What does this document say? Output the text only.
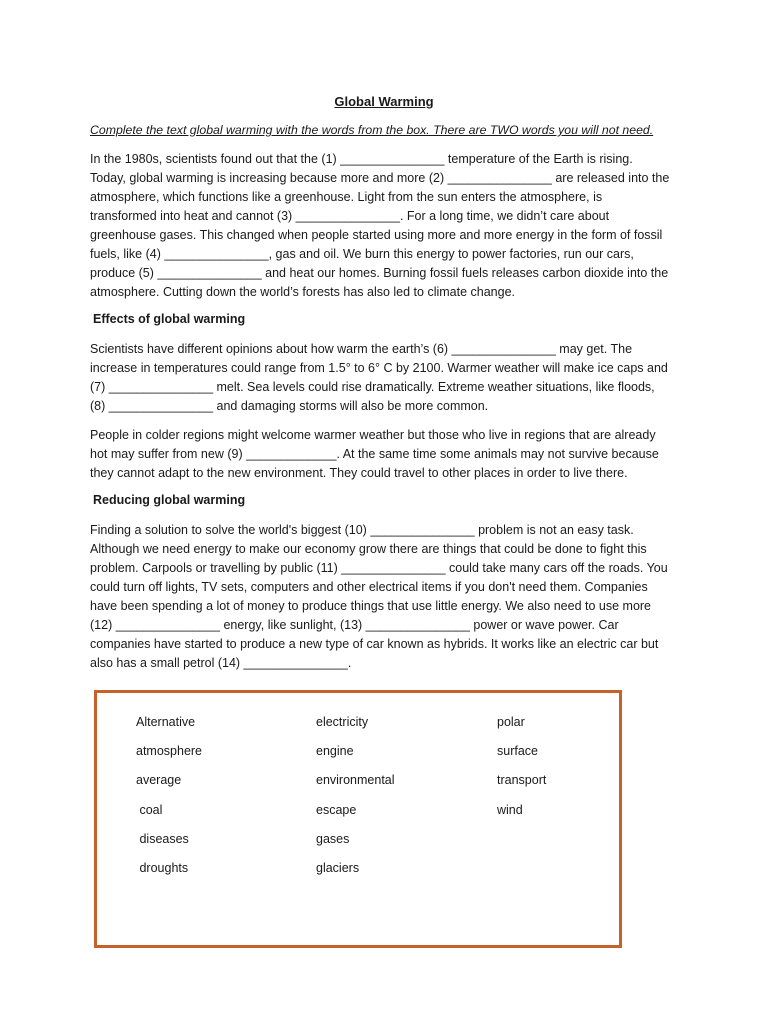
Global Warming
Complete the text global warming with the words from the box. There are TWO words you will not need.
In the 1980s, scientists found out that the (1) _______________ temperature of the Earth is rising.
Today, global warming is increasing because more and more (2) _______________ are released into the
atmosphere, which functions like a greenhouse. Light from the sun enters the atmosphere, is
transformed into heat and cannot (3) _______________. For a long time, we didn’t care about
greenhouse gases. This changed when people started using more and more energy in the form of fossil
fuels, like (4) _______________, gas and oil. We burn this energy to power factories, run our cars,
produce (5) _______________ and heat our homes. Burning fossil fuels releases carbon dioxide into the
atmosphere. Cutting down the world’s forests has also led to climate change.
Effects of global warming
Scientists have different opinions about how warm the earth’s (6) _______________ may get. The
increase in temperatures could range from 1.5° to 6° C by 2100. Warmer weather will make ice caps and
(7) _______________ melt. Sea levels could rise dramatically. Extreme weather situations, like floods,
(8) _______________ and damaging storms will also be more common.
People in colder regions might welcome warmer weather but those who live in regions that are already
hot may suffer from new (9) _____________. At the same time some animals may not survive because
they cannot adapt to the new environment. They could travel to other places in order to live there.
Reducing global warming
Finding a solution to solve the world's biggest (10) _______________ problem is not an easy task.
Although we need energy to make our economy grow there are things that could be done to fight this
problem. Carpools or travelling by public (11) _______________ could take many cars off the roads. You
could turn off lights, TV sets, computers and other electrical items if you don't need them. Companies
have been spending a lot of money to produce things that use little energy. We also need to use more
(12) _______________ energy, like sunlight, (13) _______________ power or wave power. Car
companies have started to produce a new type of car known as hybrids. It works like an electric car but
also has a small petrol (14) _______________.
Alternative
atmosphere
average
coal
diseases
droughts
electricity
engine
environmental
escape
gases
glaciers
polar
surface
transport
wind
